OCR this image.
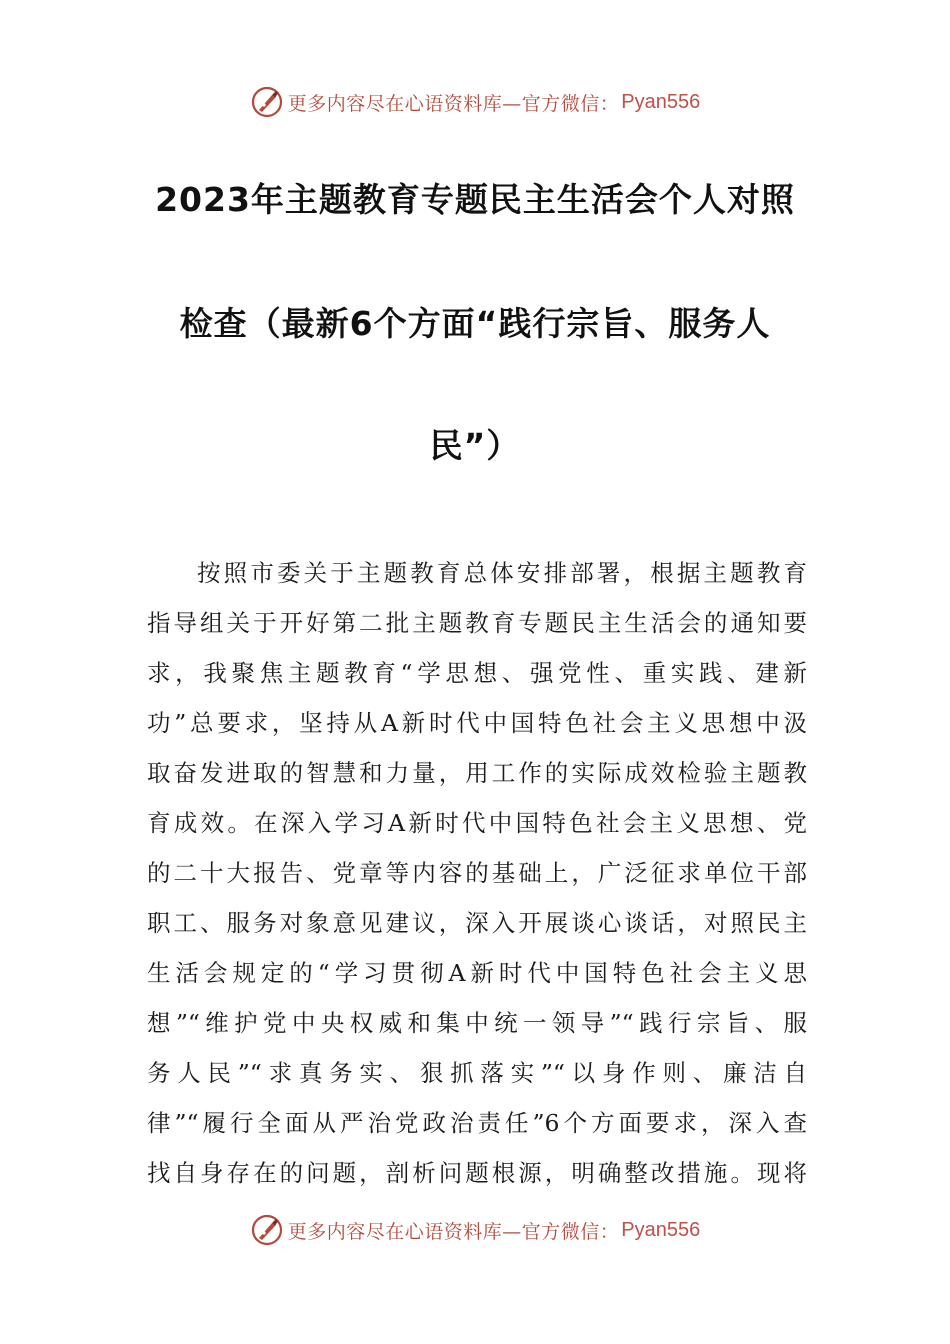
更多内容尽在心语资料库—官方微信： Pyan556
2023年主题教育专题民主生活会个人对照
检查（最新6个方面“践行宗旨、服务人
民”）
按照市委关于主题教育总体安排部署，根据主题教育
指导组关于开好第二批主题教育专题民主生活会的通知要
求，我聚焦主题教育“学思想、强党性、重实践、建新
功”总要求，坚持从A新时代中国特色社会主义思想中汲
取奋发进取的智慧和力量，用工作的实际成效检验主题教
育成效。在深入学习A新时代中国特色社会主义思想、党
的二十大报告、党章等内容的基础上，广泛征求单位干部
职工、服务对象意见建议，深入开展谈心谈话，对照民主
生活会规定的“学习贯彻A新时代中国特色社会主义思
想”“维护党中央权威和集中统一领导”“践行宗旨、服
务人民”“求真务实、狠抓落实”“以身作则、廉洁自
律”“履行全面从严治党政治责任”6个方面要求，深入查
找自身存在的问题，剖析问题根源，明确整改措施。现将
更多内容尽在心语资料库—官方微信： Pyan556
